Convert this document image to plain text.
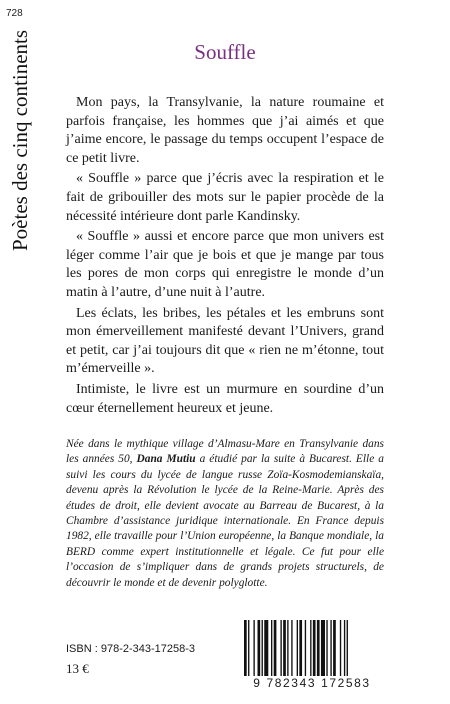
728
Poètes des cinq continents	Souffle

Mon pays, la Transylvanie, la nature roumaine et parfois française, les hommes que j’ai aimés et que j’aime encore, le passage du temps occupent l’espace de ce petit livre.

« Souffle » parce que j’écris avec la respiration et le fait de gribouiller des mots sur le papier procède de la nécessité intérieure dont parle Kandinsky.

« Souffle » aussi et encore parce que mon univers est léger comme l’air que je bois et que je mange par tous les pores de mon corps qui enregistre le monde d’un matin à l’autre, d’une nuit à l’autre.

Les éclats, les bribes, les pétales et les embruns sont mon émerveillement manifesté devant l’Univers, grand et petit, car j’ai toujours dit que « rien ne m’étonne, tout m’émerveille ».

Intimiste, le livre est un murmure en sourdine d’un cœur éternellement heureux et jeune.

Née dans le mythique village d’Almasu-Mare en Transylvanie dans les années 50, Dana Mutiu a étudié par la suite à Bucarest. Elle a suivi les cours du lycée de langue russe Zoïa-Kosmodemianskaïa, devenu après la Révolution le lycée de la Reine-Marie. Après des études de droit, elle devient avocate au Barreau de Bucarest, à la Chambre d’assistance juridique internationale. En France depuis 1982, elle travaille pour l’Union européenne, la Banque mondiale, la BERD comme expert institutionnelle et légale. Ce fut pour elle l’occasion de s’impliquer dans de grands projets structurels, de découvrir le monde et de devenir polyglotte.
ISBN : 978-2-343-17258-3
13 €
9 782343 172583
